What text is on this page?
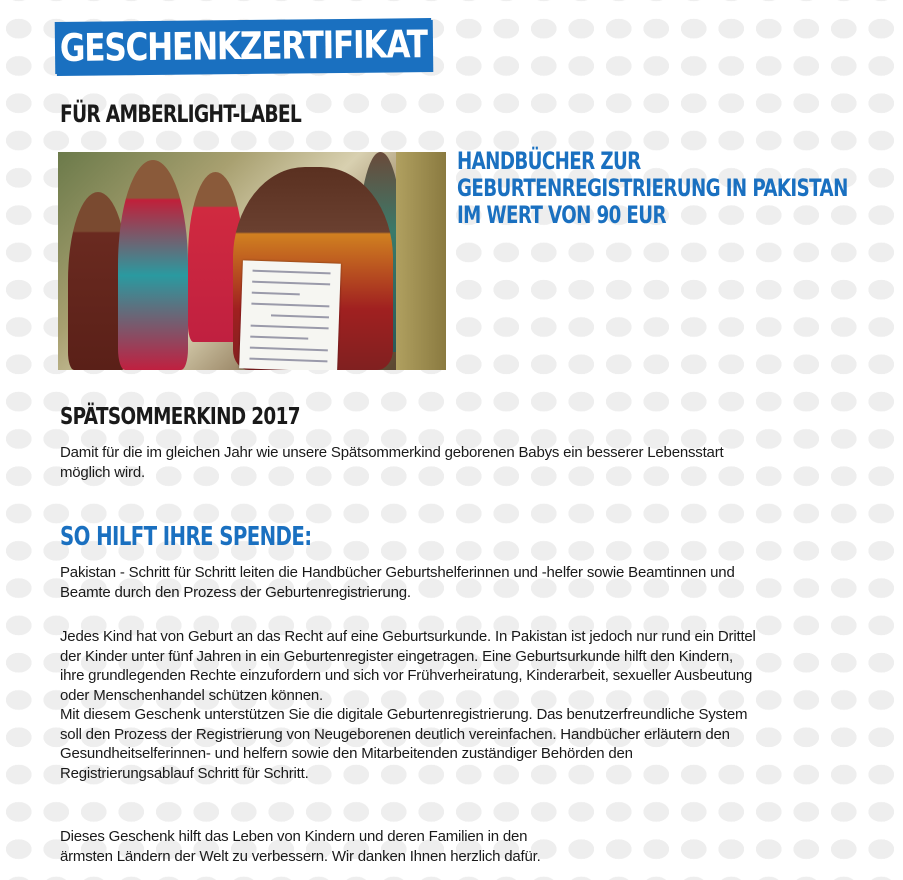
GESCHENKZERTIFIKAT
FÜR AMBERLIGHT-LABEL
HANDBÜCHER ZUR
GEBURTENREGISTRIERUNG IN PAKISTAN
IM WERT VON 90 EUR
SPÄTSOMMERKIND 2017
Damit für die im gleichen Jahr wie unsere Spätsommerkind geborenen Babys ein besserer Lebensstart
möglich wird.
SO HILFT IHRE SPENDE:
Pakistan - Schritt für Schritt leiten die Handbücher Geburtshelferinnen und -helfer sowie Beamtinnen und
Beamte durch den Prozess der Geburtenregistrierung.
Jedes Kind hat von Geburt an das Recht auf eine Geburtsurkunde. In Pakistan ist jedoch nur rund ein Drittel
der Kinder unter fünf Jahren in ein Geburtenregister eingetragen. Eine Geburtsurkunde hilft den Kindern,
ihre grundlegenden Rechte einzufordern und sich vor Frühverheiratung, Kinderarbeit, sexueller Ausbeutung
oder Menschenhandel schützen können.
Mit diesem Geschenk unterstützen Sie die digitale Geburtenregistrierung. Das benutzerfreundliche System
soll den Prozess der Registrierung von Neugeborenen deutlich vereinfachen. Handbücher erläutern den
Gesundheitselferinnen- und helfern sowie den Mitarbeitenden zuständiger Behörden den
Registrierungsablauf Schritt für Schritt.
Dieses Geschenk hilft das Leben von Kindern und deren Familien in den
ärmsten Ländern der Welt zu verbessern. Wir danken Ihnen herzlich dafür.
